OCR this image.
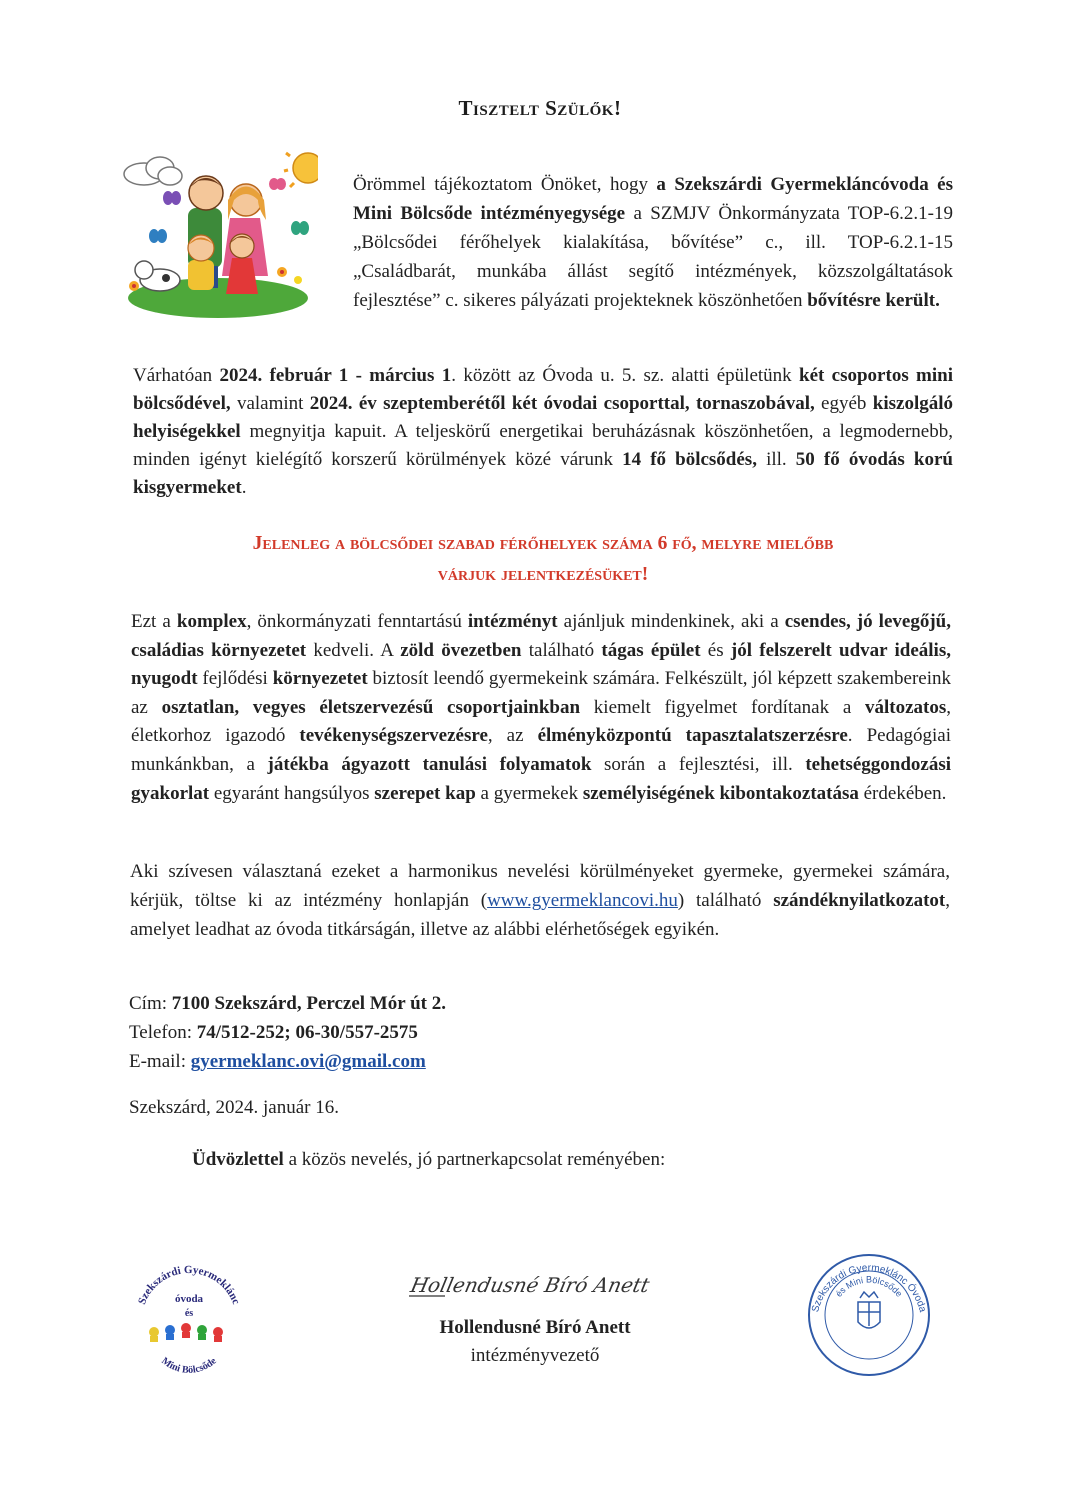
Tisztelt Szülők!
Örömmel tájékoztatom Önöket, hogy a Szekszárdi Gyermekláncóvoda és Mini Bölcsőde intézményegysége a SZMJV Önkormányzata TOP-6.2.1-19 „Bölcsődei férőhelyek kialakítása, bővítése” c., ill. TOP-6.2.1-15 „Családbarát, munkába állást segítő intézmények, közszolgáltatások fejlesztése” c. sikeres pályázati projekteknek köszönhetően bővítésre került.
Várhatóan 2024. február 1 - március 1. között az Óvoda u. 5. sz. alatti épületünk két csoportos mini bölcsődével, valamint 2024. év szeptemberétől két óvodai csoporttal, tornaszobával, egyéb kiszolgáló helyiségekkel megnyitja kapuit. A teljeskörű energetikai beruházásnak köszönhetően, a legmodernebb, minden igényt kielégítő korszerű körülmények közé várunk 14 fő bölcsődés, ill. 50 fő óvodás korú kisgyermeket.
Jelenleg a bölcsődei szabad férőhelyek száma 6 fő, melyre mielőbb
várjuk jelentkezésüket!
Ezt a komplex, önkormányzati fenntartású intézményt ajánljuk mindenkinek, aki a csendes, jó levegőjű, családias környezetet kedveli. A zöld övezetben található tágas épület és jól felszerelt udvar ideális, nyugodt fejlődési környezetet biztosít leendő gyermekeink számára. Felkészült, jól képzett szakembereink az osztatlan, vegyes életszervezésű csoportjainkban kiemelt figyelmet fordítanak a változatos, életkorhoz igazodó tevékenységszervezésre, az élményközpontú tapasztalatszerzésre. Pedagógiai munkánkban, a játékba ágyazott tanulási folyamatok során a fejlesztési, ill. tehetséggondozási gyakorlat egyaránt hangsúlyos szerepet kap a gyermekek személyiségének kibontakoztatása érdekében.
Aki szívesen választaná ezeket a harmonikus nevelési körülményeket gyermeke, gyermekei számára, kérjük, töltse ki az intézmény honlapján (www.gyermeklancovi.hu) található szándéknyilatkozatot, amelyet leadhat az óvoda titkárságán, illetve az alábbi elérhetőségek egyikén.
Cím: 7100 Szekszárd, Perczel Mór út 2.
Telefon: 74/512-252; 06-30/557-2575
E-mail: gyermeklanc.ovi@gmail.com
Szekszárd, 2024. január 16.
Üdvözlettel a közös nevelés, jó partnerkapcsolat reményében:
Szekszárdi Gyermeklánc
óvoda
és
Mini Bölcsőde
Hollendusné Bíró Anett
Hollendusné Bíró Anett
intézményvezető
Szekszárdi Gyermeklánc Óvoda
és Mini Bölcsőde
